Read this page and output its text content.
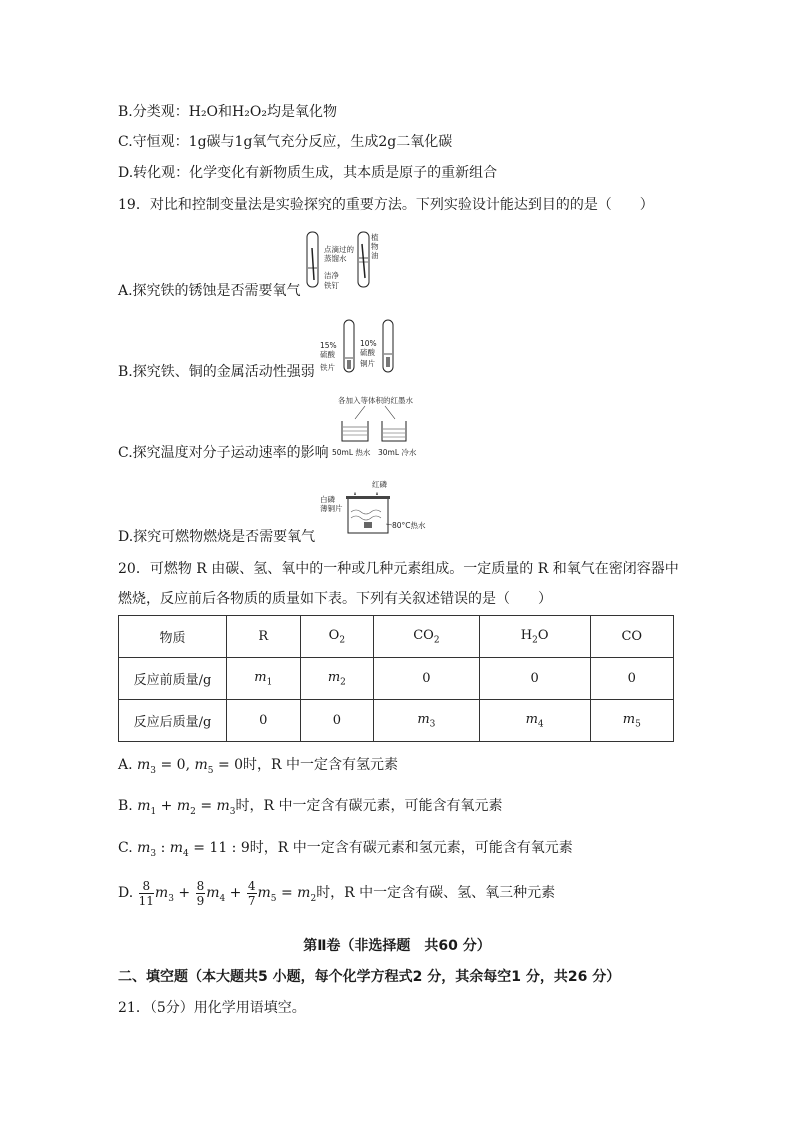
B.分类观：H₂O和H₂O₂均是氧化物
C.守恒观：1g碳与1g氧气充分反应，生成2g二氧化碳
D.转化观：化学变化有新物质生成，其本质是原子的重新组合
19．对比和控制变量法是实验探究的重要方法。下列实验设计能达到目的的是（　　）
A.探究铁的锈蚀是否需要氧气
点滴过的
蒸馏水
洁净
铁钉
植
物
油
B.探究铁、铜的金属活动性强弱
15%
硫酸
铁片
10%
硫酸
铜片
C.探究温度对分子运动速率的影响
各加入等体积的红墨水
50mL 热水 30mL 冷水
D.探究可燃物燃烧是否需要氧气
红磷
白磷
薄铜片
80°C热水
20．可燃物 R 由碳、氢、氧中的一种或几种元素组成。一定质量的 R 和氧气在密闭容器中
燃烧，反应前后各物质的质量如下表。下列有关叙述错误的是（　　）
物质	R	$O_2$	$CO_2$	$H_2O$	CO
反应前质量/g	$m_1$	$m_2$	0	0	0
反应后质量/g	0	0	$m_3$	$m_4$	$m_5$
A. $m_3 = 0$, $m_5 = 0$时，R 中一定含有氢元素
B. $m_1 + m_2 = m_3$时，R 中一定含有碳元素，可能含有氧元素
C. $m_3$ : $m_4 = 11$ : 9时，R 中一定含有碳元素和氢元素，可能含有氧元素
D. $\frac{8}{11} m_3 + \frac{8}{9} m_4 + \frac{4}{7} m_5 = m_2$时，R 中一定含有碳、氢、氧三种元素
第Ⅱ卷（非选择题　共60 分）
二、填空题（本大题共5 小题，每个化学方程式2 分，其余每空1 分，共26 分）
21．（5分）用化学用语填空。
